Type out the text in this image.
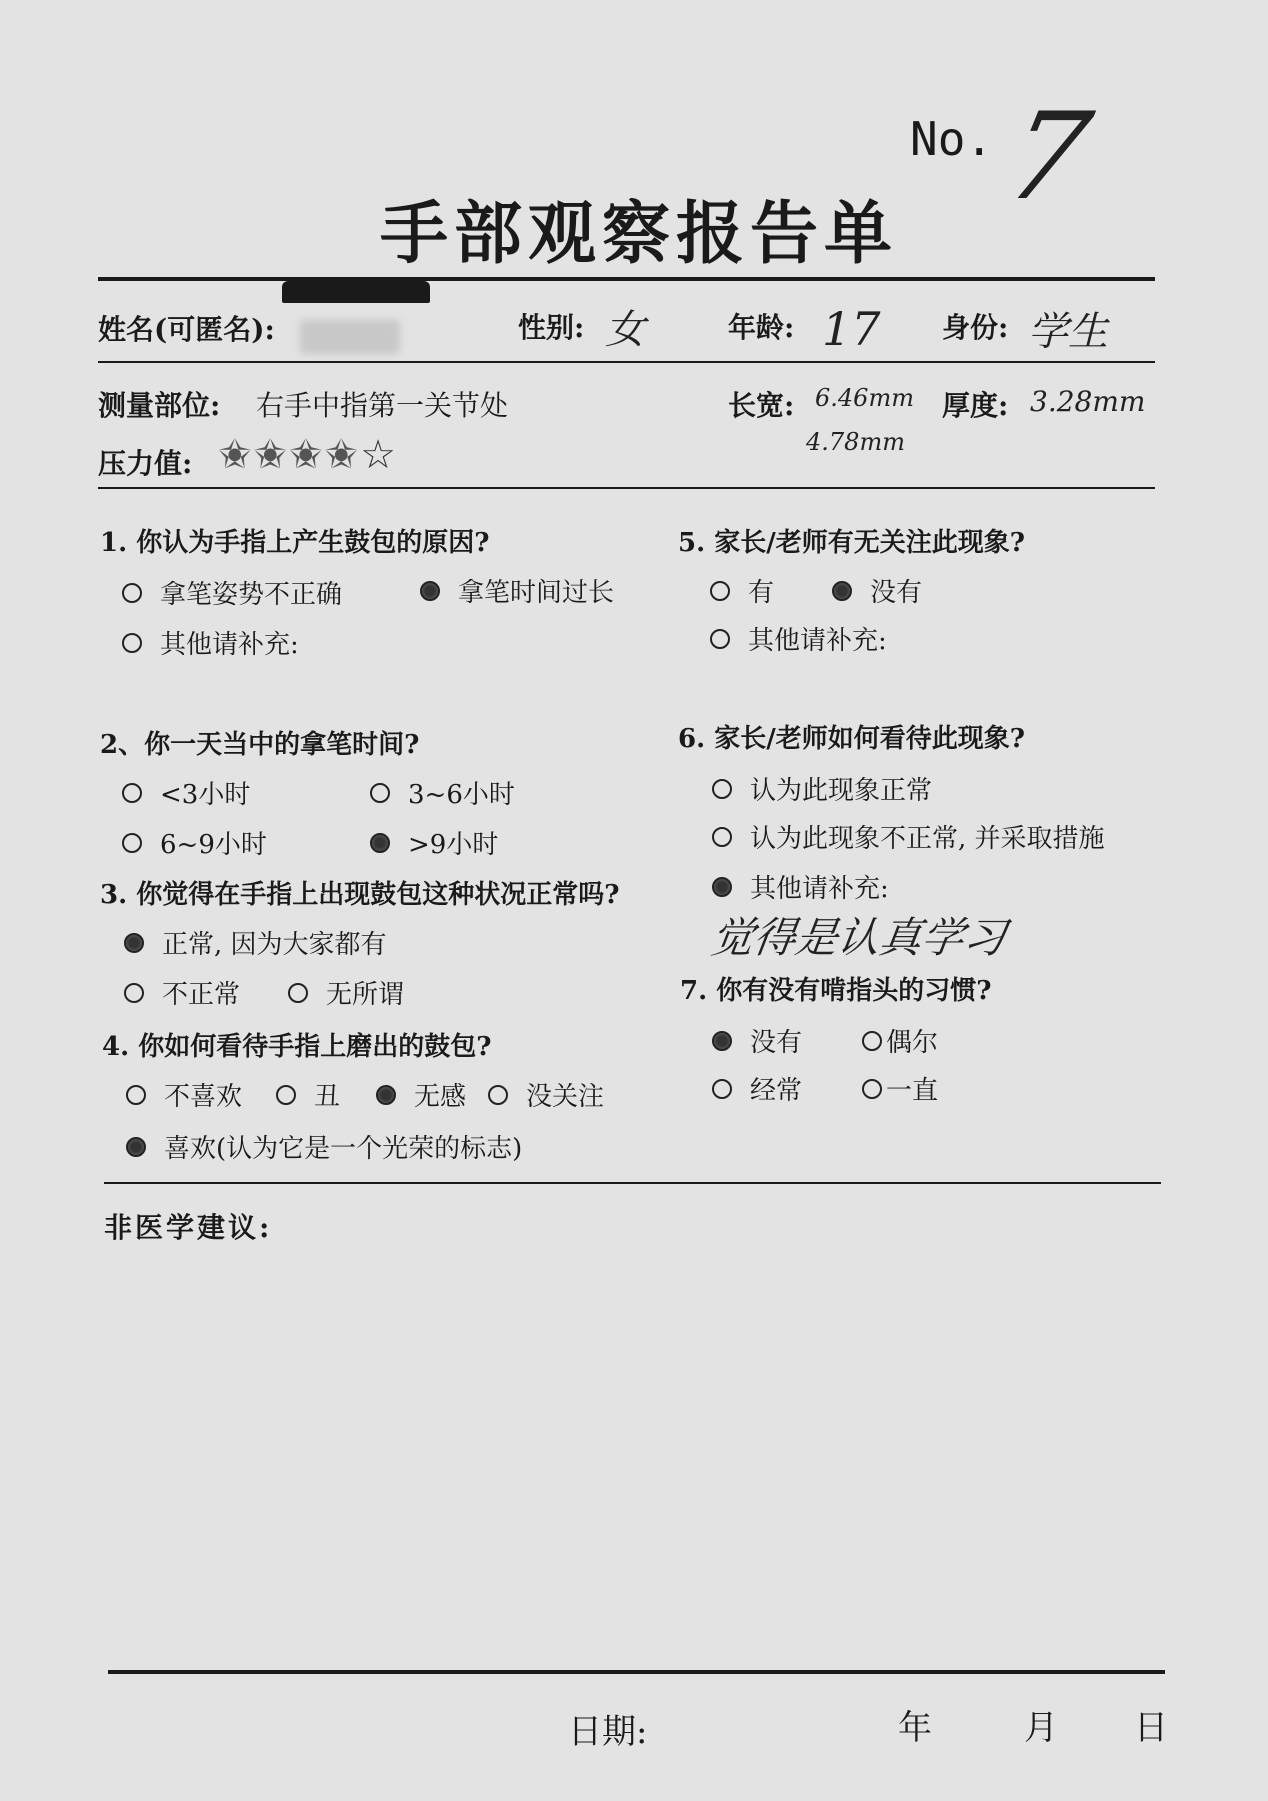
No. 7
手部观察报告单
姓名(可匿名):	性别: 女	年龄: 17 身份: 学生
测量部位: 右手中指第一关节处	长宽: 6.46mm
4.78mm
厚度: 3.28mm
压力值: ✬✬✬✬☆
1. 你认为手指上产生鼓包的原因?
拿笔姿势不正确	拿笔时间过长
其他请补充:
2、你一天当中的拿笔时间?
<3小时	3~6小时
6~9小时	>9小时
3. 你觉得在手指上出现鼓包这种状况正常吗?
正常, 因为大家都有
不正常	无所谓
4. 你如何看待手指上磨出的鼓包?
不喜欢	丑	无感 没关注
喜欢(认为它是一个光荣的标志)
5. 家长/老师有无关注此现象?
有	没有
其他请补充:
6. 家长/老师如何看待此现象?
认为此现象正常
认为此现象不正常, 并采取措施
其他请补充:
觉得是认真学习
7. 你有没有啃指头的习惯?
没有	偶尔
经常	一直
非医学建议:
日期:	年	月 日
